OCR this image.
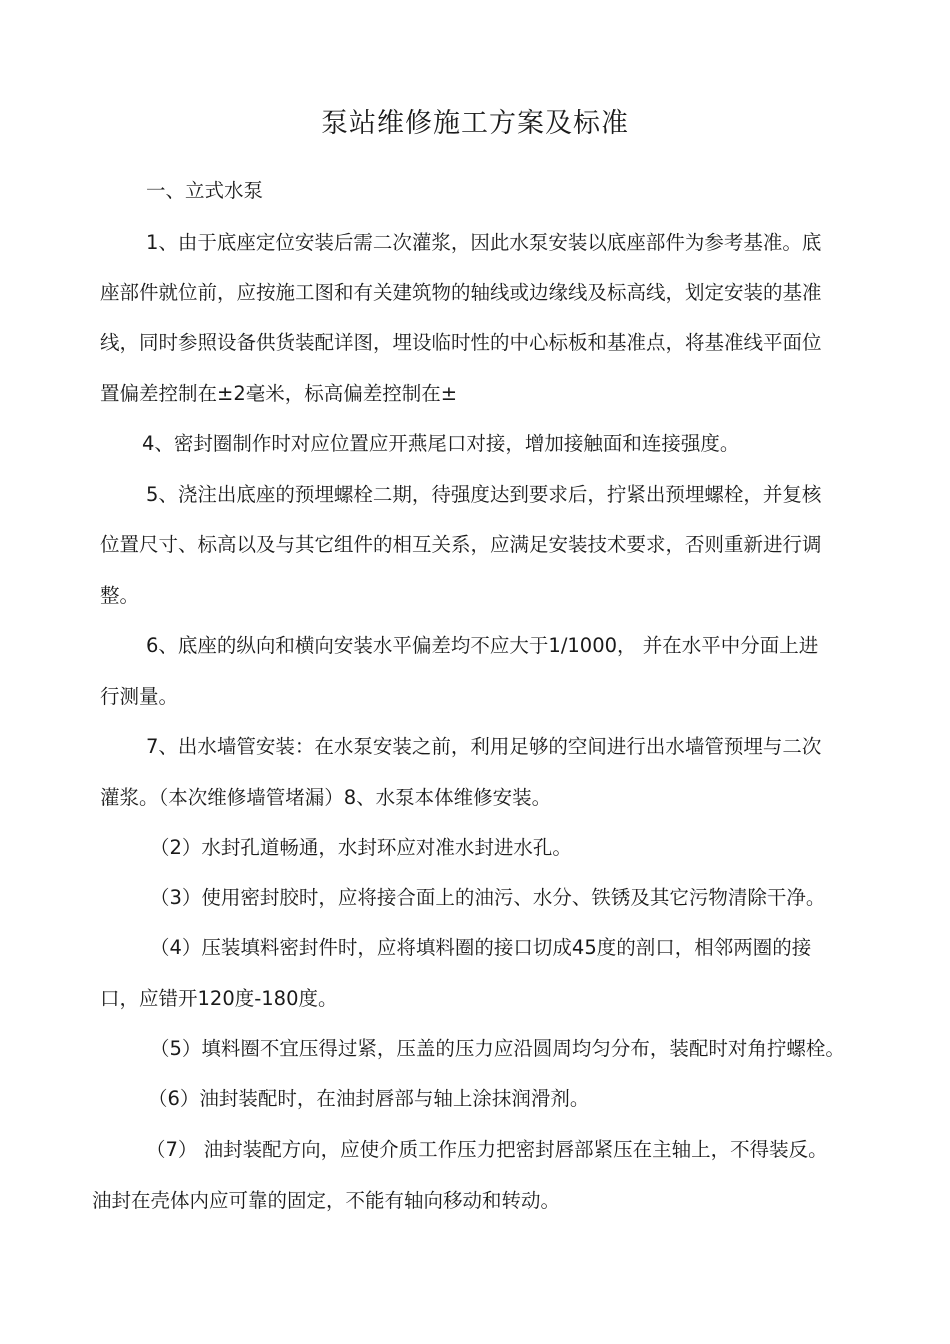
泵站维修施工方案及标准
一、立式水泵
1、由于底座定位安装后需二次灌浆，因此水泵安装以底座部件为参考基准。底
座部件就位前，应按施工图和有关建筑物的轴线或边缘线及标高线，划定安装的基准
线，同时参照设备供货装配详图，埋设临时性的中心标板和基准点，将基准线平面位
置偏差控制在±2毫米，标高偏差控制在±
4、密封圈制作时对应位置应开燕尾口对接，增加接触面和连接强度。
5、浇注出底座的预埋螺栓二期，待强度达到要求后，拧紧出预埋螺栓，并复核
位置尺寸、标高以及与其它组件的相互关系，应满足安装技术要求，否则重新进行调
整。
6、底座的纵向和横向安装水平偏差均不应大于1/1000， 并在水平中分面上进
行测量。
7、出水墙管安装：在水泵安装之前，利用足够的空间进行出水墙管预埋与二次
灌浆。（本次维修墙管堵漏）8、水泵本体维修安装。
（2）水封孔道畅通，水封环应对准水封进水孔。
（3）使用密封胶时，应将接合面上的油污、水分、铁锈及其它污物清除干净。
（4）压装填料密封件时，应将填料圈的接口切成45度的剖口，相邻两圈的接
口，应错开120度-180度。
（5）填料圈不宜压得过紧，压盖的压力应沿圆周均匀分布，装配时对角拧螺栓。
（6）油封装配时，在油封唇部与轴上涂抹润滑剂。
（7） 油封装配方向，应使介质工作压力把密封唇部紧压在主轴上，不得装反。
油封在壳体内应可靠的固定，不能有轴向移动和转动。
